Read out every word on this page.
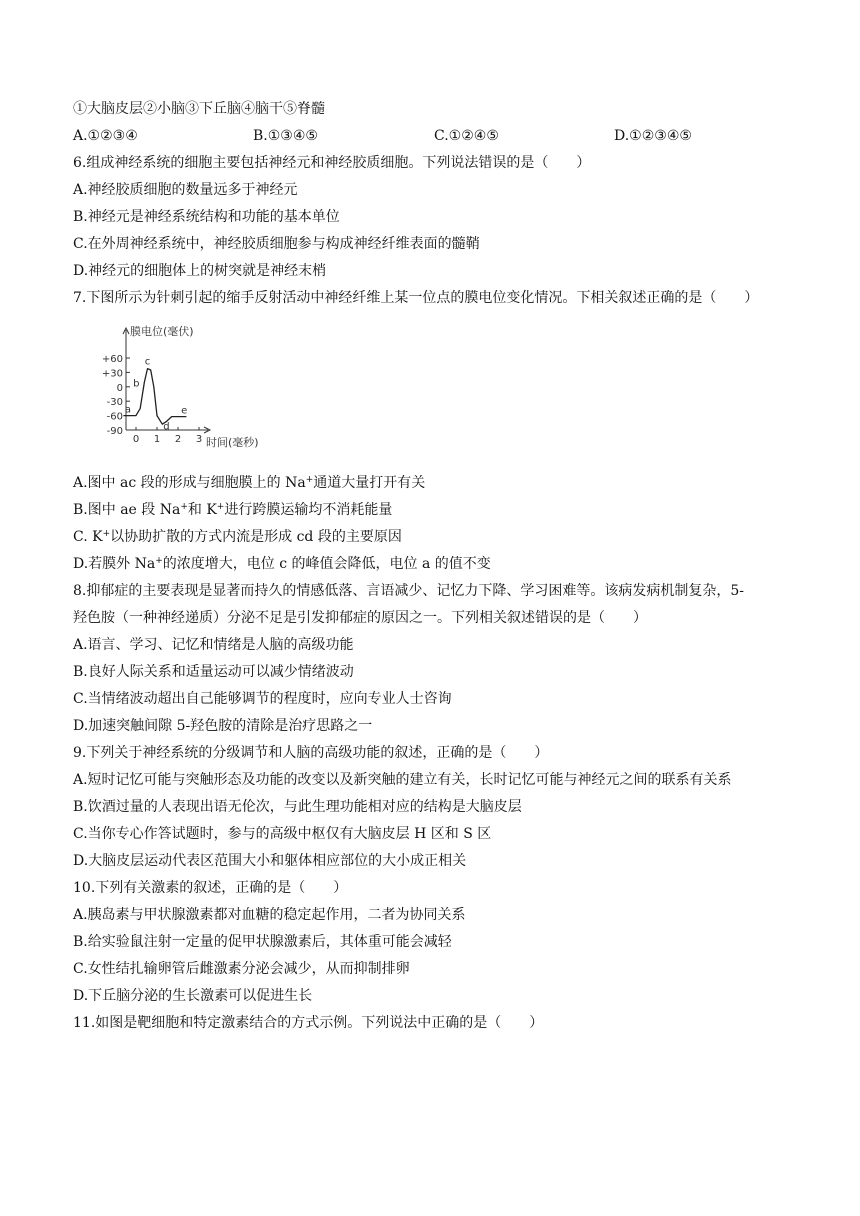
①大脑皮层②小脑③下丘脑④脑干⑤脊髓
A.①②③④	B.①③④⑤	C.①②④⑤	D.①②③④⑤
6.组成神经系统的细胞主要包括神经元和神经胶质细胞。下列说法错误的是（　　）
A.神经胶质细胞的数量远多于神经元
B.神经元是神经系统结构和功能的基本单位
C.在外周神经系统中，神经胶质细胞参与构成神经纤维表面的髓鞘
D.神经元的细胞体上的树突就是神经末梢
7.下图所示为针刺引起的缩手反射活动中神经纤维上某一位点的膜电位变化情况。下相关叙述正确的是（　　）
+60
+30
0
-30
-60
-90
0 1 2 3
膜电位(毫伏)
时间(毫秒)
a
b
c
d
e
A.图中 ac 段的形成与细胞膜上的 Na+通道大量打开有关
B.图中 ae 段 Na+和 K+进行跨膜运输均不消耗能量
C. K+以协助扩散的方式内流是形成 cd 段的主要原因
D.若膜外 Na+的浓度增大，电位 c 的峰值会降低，电位 a 的值不变
8.抑郁症的主要表现是显著而持久的情感低落、言语减少、记忆力下降、学习困难等。该病发病机制复杂，5-
羟色胺（一种神经递质）分泌不足是引发抑郁症的原因之一。下列相关叙述错误的是（　　）
A.语言、学习、记忆和情绪是人脑的高级功能
B.良好人际关系和适量运动可以减少情绪波动
C.当情绪波动超出自己能够调节的程度时，应向专业人士咨询
D.加速突触间隙 5-羟色胺的清除是治疗思路之一
9.下列关于神经系统的分级调节和人脑的高级功能的叙述，正确的是（　　）
A.短时记忆可能与突触形态及功能的改变以及新突触的建立有关，长时记忆可能与神经元之间的联系有关系
B.饮酒过量的人表现出语无伦次，与此生理功能相对应的结构是大脑皮层
C.当你专心作答试题时，参与的高级中枢仅有大脑皮层 H 区和 S 区
D.大脑皮层运动代表区范围大小和躯体相应部位的大小成正相关
10.下列有关激素的叙述，正确的是（　　）
A.胰岛素与甲状腺激素都对血糖的稳定起作用，二者为协同关系
B.给实验鼠注射一定量的促甲状腺激素后，其体重可能会减轻
C.女性结扎输卵管后雌激素分泌会减少，从而抑制排卵
D.下丘脑分泌的生长激素可以促进生长
11.如图是靶细胞和特定激素结合的方式示例。下列说法中正确的是（　　）
